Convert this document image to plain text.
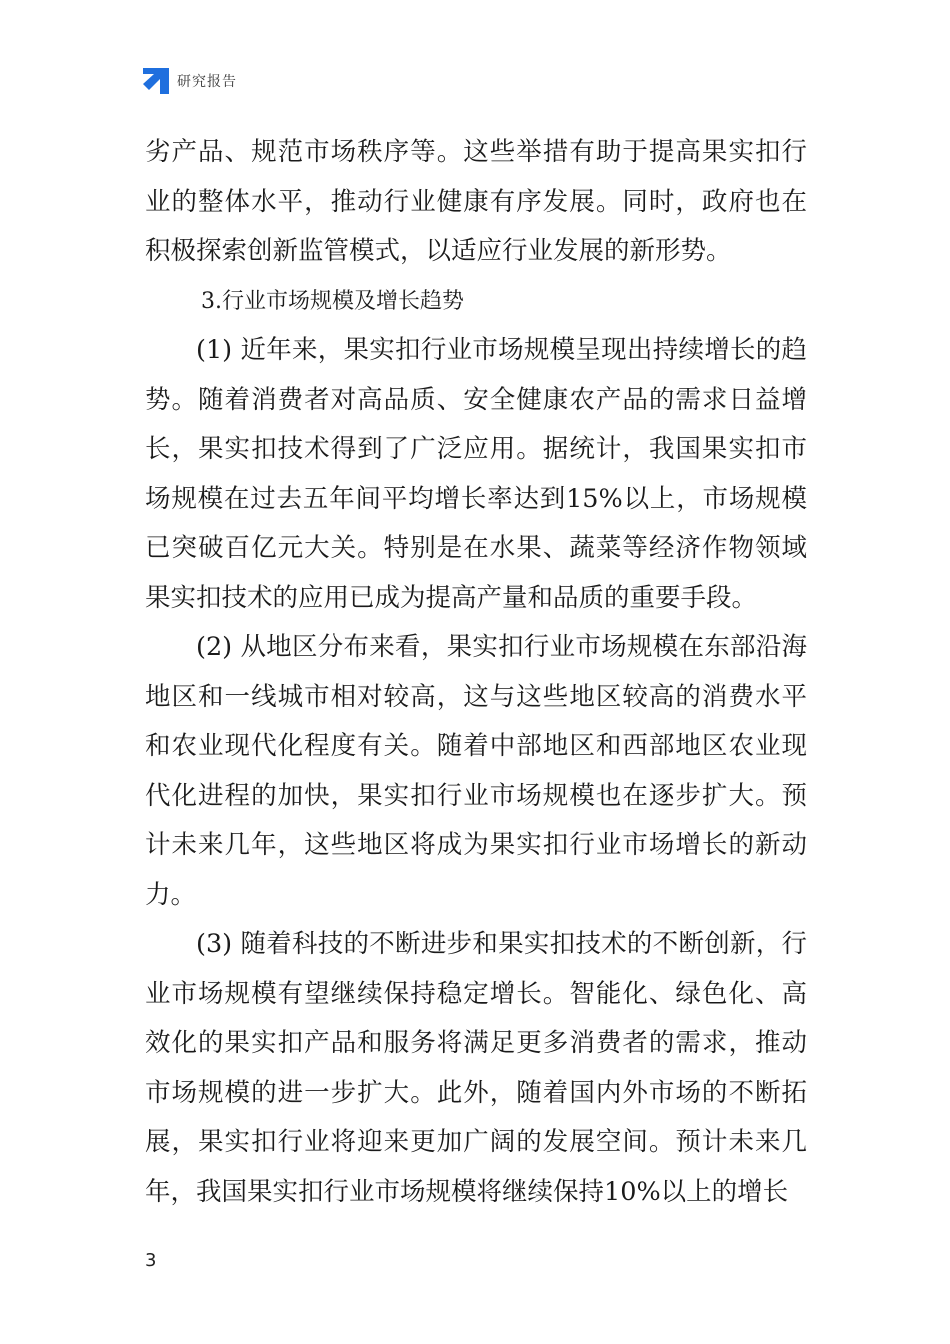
研究报告

劣产品、规范市场秩序等。这些举措有助于提高果实扣行业的整体水平，推动行业健康有序发展。同时，政府也在积极探索创新监管模式，以适应行业发展的新形势。

3.行业市场规模及增长趋势

(1) 近年来，果实扣行业市场规模呈现出持续增长的趋势。随着消费者对高品质、安全健康农产品的需求日益增长，果实扣技术得到了广泛应用。据统计，我国果实扣市场规模在过去五年间平均增长率达到15%以上，市场规模已突破百亿元大关。特别是在水果、蔬菜等经济作物领域果实扣技术的应用已成为提高产量和品质的重要手段。

(2) 从地区分布来看，果实扣行业市场规模在东部沿海地区和一线城市相对较高，这与这些地区较高的消费水平和农业现代化程度有关。随着中部地区和西部地区农业现代化进程的加快，果实扣行业市场规模也在逐步扩大。预计未来几年，这些地区将成为果实扣行业市场增长的新动力。

(3) 随着科技的不断进步和果实扣技术的不断创新，行业市场规模有望继续保持稳定增长。智能化、绿色化、高效化的果实扣产品和服务将满足更多消费者的需求，推动市场规模的进一步扩大。此外，随着国内外市场的不断拓展，果实扣行业将迎来更加广阔的发展空间。预计未来几年，我国果实扣行业市场规模将继续保持10%以上的增长

3
